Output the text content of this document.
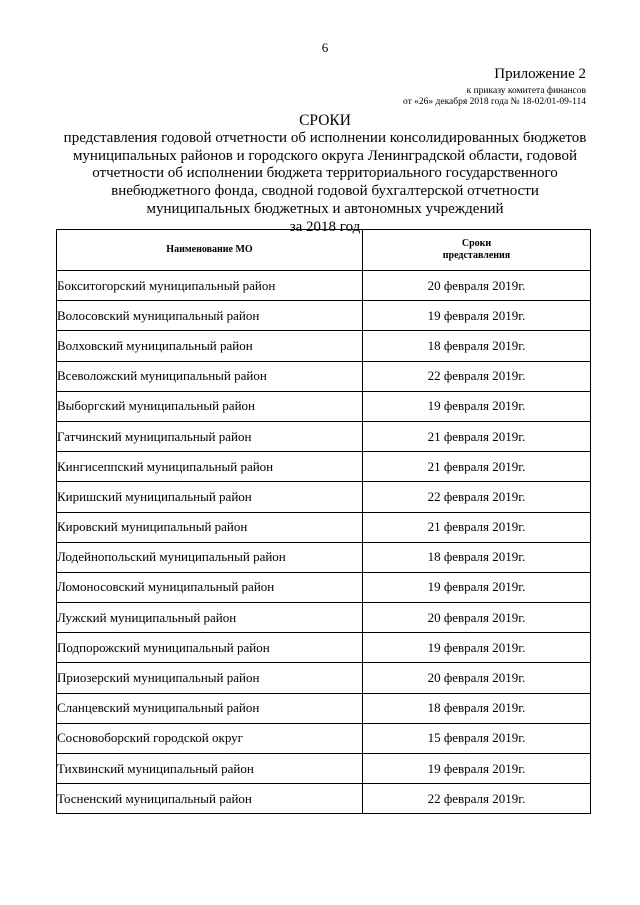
6
Приложение 2
к приказу комитета финансов
от «26» декабря 2018 года № 18-02/01-09-114
СРОКИ
представления годовой отчетности об исполнении консолидированных бюджетов
муниципальных районов и городского округа Ленинградской области, годовой
отчетности об исполнении бюджета территориального государственного
внебюджетного фонда, сводной годовой бухгалтерской отчетности
муниципальных бюджетных и автономных учреждений
за 2018 год
Наименование МО	Сроки
представления
Бокситогорский муниципальный район	20 февраля 2019г.
Волосовский муниципальный район	19 февраля 2019г.
Волховский муниципальный район	18 февраля 2019г.
Всеволожский муниципальный район	22 февраля 2019г.
Выборгский муниципальный район	19 февраля 2019г.
Гатчинский муниципальный район	21 февраля 2019г.
Кингисеппский муниципальный район	21 февраля 2019г.
Киришский муниципальный район	22 февраля 2019г.
Кировский муниципальный район	21 февраля 2019г.
Лодейнопольский муниципальный район	18 февраля 2019г.
Ломоносовский муниципальный район	19 февраля 2019г.
Лужский муниципальный район	20 февраля 2019г.
Подпорожский муниципальный район	19 февраля 2019г.
Приозерский муниципальный район	20 февраля 2019г.
Сланцевский муниципальный район	18 февраля 2019г.
Сосновоборский городской округ	15 февраля 2019г.
Тихвинский муниципальный район	19 февраля 2019г.
Тосненский муниципальный район	22 февраля 2019г.
